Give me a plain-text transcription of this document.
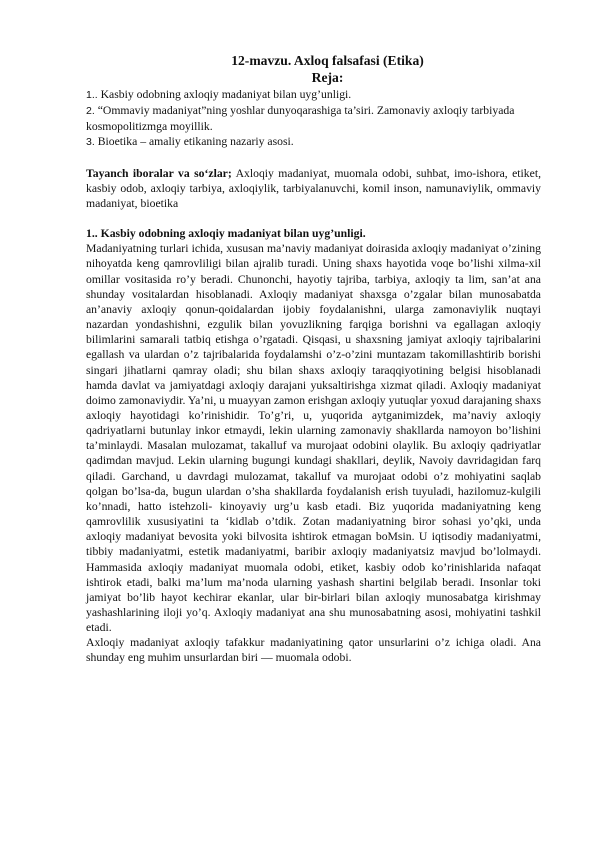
12-mavzu. Axloq falsafasi (Etika)
Reja:
1.. Kasbiy odobning axloqiy madaniyat bilan uyg’unligi.
2. “Ommaviy madaniyat”ning yoshlar dunyoqarashiga ta’siri. Zamonaviy axloqiy tarbiyada kosmopolitizmga moyillik.
3. Bioetika – amaliy etikaning nazariy asosi.

Tayanch iboralar va so‘zlar; Axloqiy madaniyat, muomala odobi, suhbat, imo-ishora, etiket, kasbiy odob, axloqiy tarbiya, axloqiylik, tarbiyalanuvchi, komil inson, namunaviylik, ommaviy madaniyat, bioetika

1.. Kasbiy odobning axloqiy madaniyat bilan uyg’unligi.

Madaniyatning turlari ichida, xususan ma’naviy madaniyat doirasida axloqiy madaniyat o’zining nihoyatda keng qamrovliligi bilan ajralib turadi. Uning shaxs hayotida voqe bo’lishi xilma-xil omillar vositasida ro’y beradi. Chunonchi, hayotiy tajriba, tarbiya, axloqiy ta lim, san’at ana shunday vositalardan hisoblanadi. Axloqiy madaniyat shaxsga o’zgalar bilan munosabatda an’anaviy axloqiy qonun-qoidalardan ijobiy foydalanishni, ularga zamonaviylik nuqtayi nazardan yondashishni, ezgulik bilan yovuzlikning farqiga borishni va egallagan axloqiy bilimlarini samarali tatbiq etishga o’rgatadi. Qisqasi, u shaxsning jamiyat axloqiy tajribalarini egallash va ulardan o’z tajribalarida foydalamshi o’z-o’zini muntazam takomillashtirib borishi singari jihatlarni qamray oladi; shu bilan shaxs axloqiy taraqqiyotining belgisi hisoblanadi hamda davlat va jamiyatdagi axloqiy darajani yuksaltirishga xizmat qiladi. Axloqiy madaniyat doimo zamonaviydir. Ya’ni, u muayyan zamon erishgan axloqiy yutuqlar yoxud darajaning shaxs axloqiy hayotidagi ko’rinishidir. To’g’ri, u, yuqorida aytganimizdek, ma’naviy axloqiy qadriyatlarni butunlay inkor etmaydi, lekin ularning zamonaviy shakllarda namoyon bo’lishini ta’minlaydi. Masalan mulozamat, takalluf va murojaat odobini olaylik. Bu axloqiy qadriyatlar qadimdan mavjud. Lekin ularning bugungi kundagi shakllari, deylik, Navoiy davridagidan farq qiladi. Garchand, u davrdagi mulozamat, takalluf va murojaat odobi o’z mohiyatini saqlab qolgan bo’lsa-da, bugun ulardan o’sha shakllarda foydalanish erish tuyuladi, hazilomuz-kulgili ko’nnadi, hatto istehzoli- kinoyaviy urg’u kasb etadi. Biz yuqorida madaniyatning keng qamrovlilik xususiyatini ta ‘kidlab o’tdik. Zotan madaniyatning biror sohasi yo’qki, unda axloqiy madaniyat bevosita yoki bilvosita ishtirok etmagan boMsin. U iqtisodiy madaniyatmi, tibbiy madaniyatmi, estetik madaniyatmi, baribir axloqiy madaniyatsiz mavjud bo’lolmaydi. Hammasida axloqiy madaniyat muomala odobi, etiket, kasbiy odob ko’rinishlarida nafaqat ishtirok etadi, balki ma’lum ma’noda ularning yashash shartini belgilab beradi. Insonlar toki jamiyat bo’lib hayot kechirar ekanlar, ular bir-birlari bilan axloqiy munosabatga kirishmay yashashlarining iloji yo’q. Axloqiy madaniyat ana shu munosabatning asosi, mohiyatini tashkil etadi.

Axloqiy madaniyat axloqiy tafakkur madaniyatining qator unsurlarini o’z ichiga oladi. Ana shunday eng muhim unsurlardan biri — muomala odobi.
